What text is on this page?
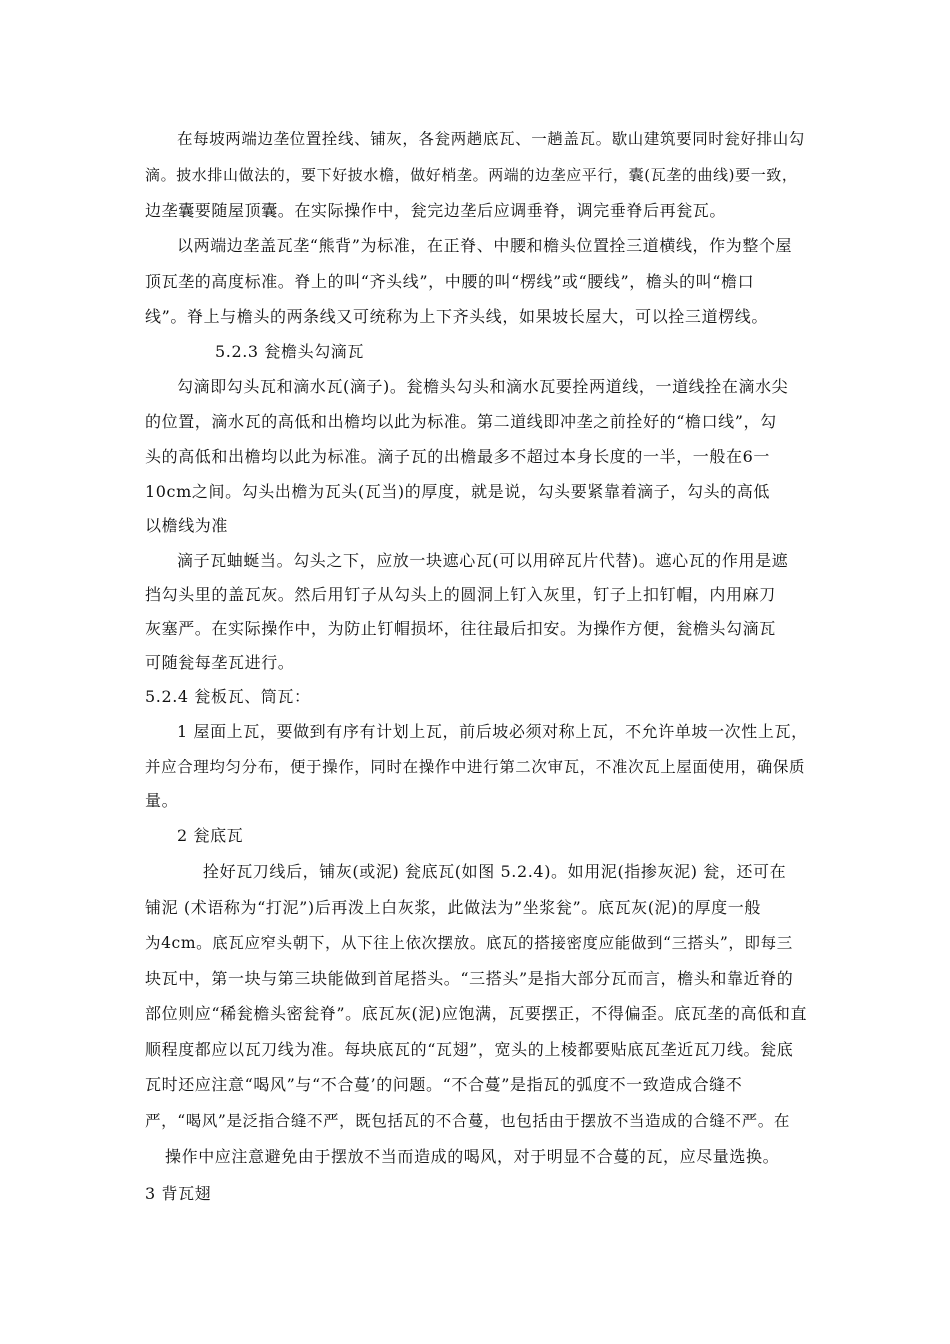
在每坡两端边垄位置拴线、铺灰，各瓮两趟底瓦、一趟盖瓦。歇山建筑要同时瓮好排山勾
滴。披水排山做法的，要下好披水檐，做好梢垄。两端的边垄应平行，囊(瓦垄的曲线)要一致，
边垄囊要随屋顶囊。在实际操作中，瓮完边垄后应调垂脊，调完垂脊后再瓮瓦。
以两端边垄盖瓦垄“熊背”为标准，在正脊、中腰和檐头位置拴三道横线，作为整个屋
顶瓦垄的高度标准。脊上的叫“齐头线”，中腰的叫“楞线”或“腰线”，檐头的叫“檐口
线”。脊上与檐头的两条线又可统称为上下齐头线，如果坡长屋大，可以拴三道楞线。
5.2.3 瓮檐头勾滴瓦
勾滴即勾头瓦和滴水瓦(滴子)。瓮檐头勾头和滴水瓦要拴两道线，一道线拴在滴水尖
的位置，滴水瓦的高低和出檐均以此为标准。第二道线即冲垄之前拴好的“檐口线”，勾
头的高低和出檐均以此为标准。滴子瓦的出檐最多不超过本身长度的一半，一般在6一
10cm之间。勾头出檐为瓦头(瓦当)的厚度，就是说，勾头要紧靠着滴子，勾头的高低
以檐线为准
滴子瓦蚰蜒当。勾头之下，应放一块遮心瓦(可以用碎瓦片代替)。遮心瓦的作用是遮
挡勾头里的盖瓦灰。然后用钉子从勾头上的圆洞上钉入灰里，钉子上扣钉帽，内用麻刀
灰塞严。在实际操作中，为防止钉帽损坏，往往最后扣安。为操作方便，瓮檐头勾滴瓦
可随瓮每垄瓦进行。
5.2.4 瓮板瓦、筒瓦：
1 屋面上瓦，要做到有序有计划上瓦，前后坡必须对称上瓦，不允许单坡一次性上瓦，
并应合理均匀分布，便于操作，同时在操作中进行第二次审瓦，不准次瓦上屋面使用，确保质
量。
2 瓮底瓦
拴好瓦刀线后，铺灰(或泥) 瓮底瓦(如图 5.2.4)。如用泥(指掺灰泥) 瓮，还可在
铺泥 (术语称为“打泥”)后再泼上白灰浆，此做法为”坐浆瓮”。底瓦灰(泥)的厚度一般
为4cm。底瓦应窄头朝下，从下往上依次摆放。底瓦的搭接密度应能做到“三搭头”，即每三
块瓦中，第一块与第三块能做到首尾搭头。“三搭头”是指大部分瓦而言，檐头和靠近脊的
部位则应“稀瓮檐头密瓮脊”。底瓦灰(泥)应饱满，瓦要摆正，不得偏歪。底瓦垄的高低和直
顺程度都应以瓦刀线为准。每块底瓦的“瓦翅”，宽头的上棱都要贴底瓦垄近瓦刀线。瓮底
瓦时还应注意“喝风”与“不合蔓’的问题。“不合蔓”是指瓦的弧度不一致造成合缝不
严，“喝风”是泛指合缝不严，既包括瓦的不合蔓，也包括由于摆放不当造成的合缝不严。在
操作中应注意避免由于摆放不当而造成的喝风，对于明显不合蔓的瓦，应尽量选换。
3 背瓦翅
